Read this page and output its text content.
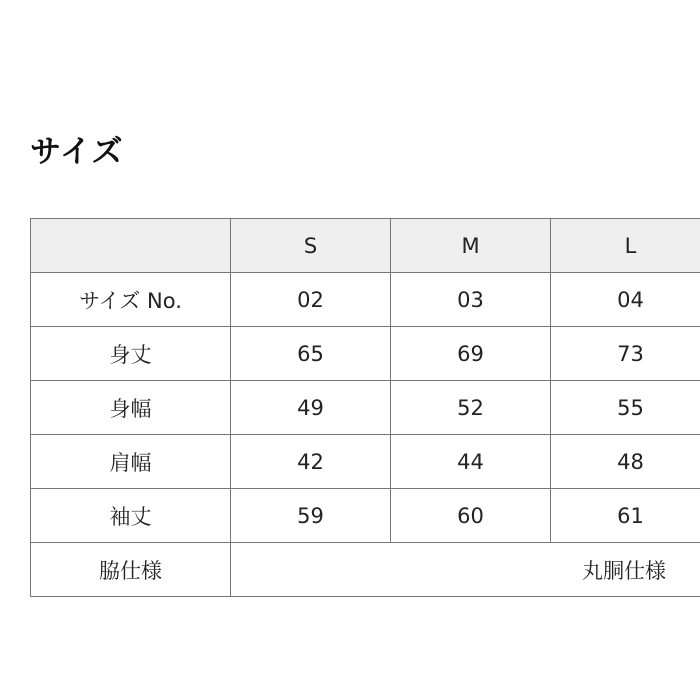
サイズ
	S	M	L	
サイズ No.	02	03	04	
身丈	65	69	73	
身幅	49	52	55	
肩幅	42	44	48	
袖丈	59	60	61	
脇仕様	丸胴仕様			
